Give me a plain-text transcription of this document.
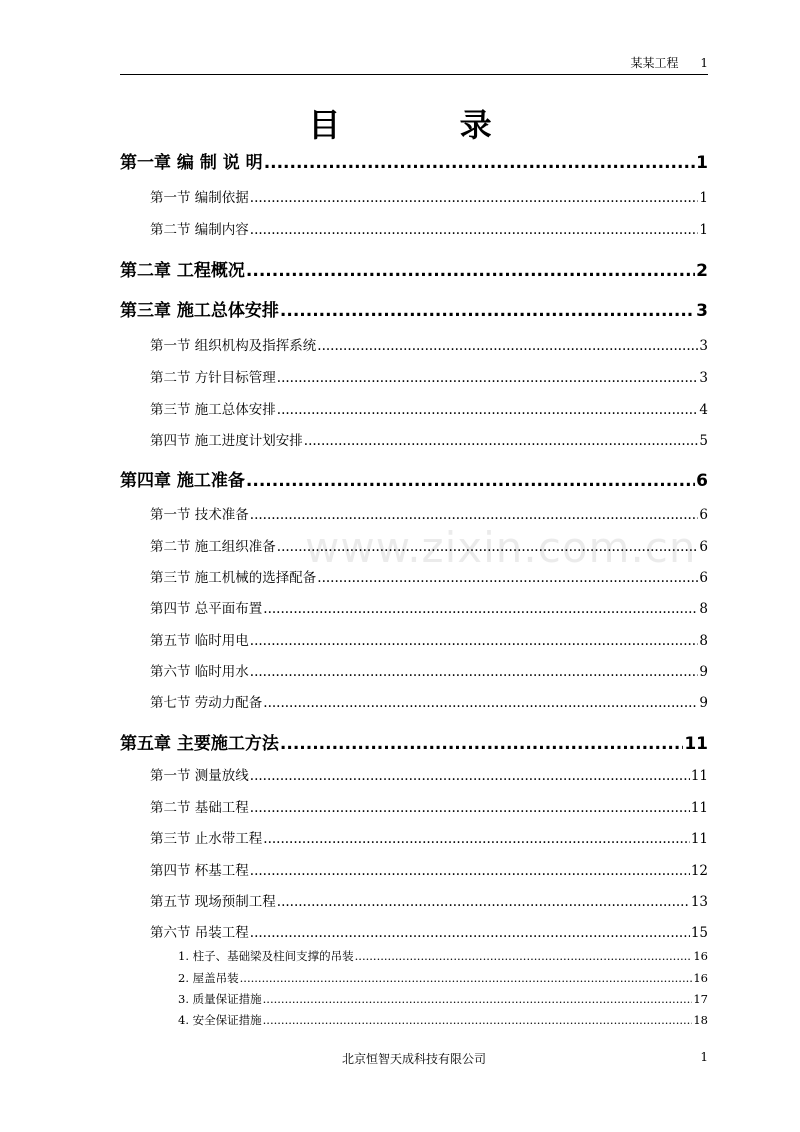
某某工程 1
目 录
第一章 编 制 说 明 .....	1
第一节 编制依据 .....	1
第二节 编制内容 .....	1
第二章 工程概况 .....	2
第三章 施工总体安排 .....	3
第一节 组织机构及指挥系统 .....	3
第二节 方针目标管理 .....	3
第三节 施工总体安排 .....	4
第四节 施工进度计划安排 .....	5
第四章 施工准备 .....	6
第一节 技术准备 .....	6
第二节 施工组织准备 .....	6
第三节 施工机械的选择配备 .....	6
第四节 总平面布置 .....	8
第五节 临时用电 .....	8
第六节 临时用水 .....	9
第七节 劳动力配备 .....	9
第五章 主要施工方法 .....	11
第一节 测量放线 .....	11
第二节 基础工程 .....	11
第三节 止水带工程 .....	11
第四节 杯基工程 .....	12
第五节 现场预制工程 .....	13
第六节 吊装工程 .....	15
1. 柱子、基础梁及柱间支撑的吊装 .....	16
2. 屋盖吊装 .....	16
3. 质量保证措施 .....	17
4. 安全保证措施 .....	18
www.zixin.com.cn
北京恒智天成科技有限公司	1
